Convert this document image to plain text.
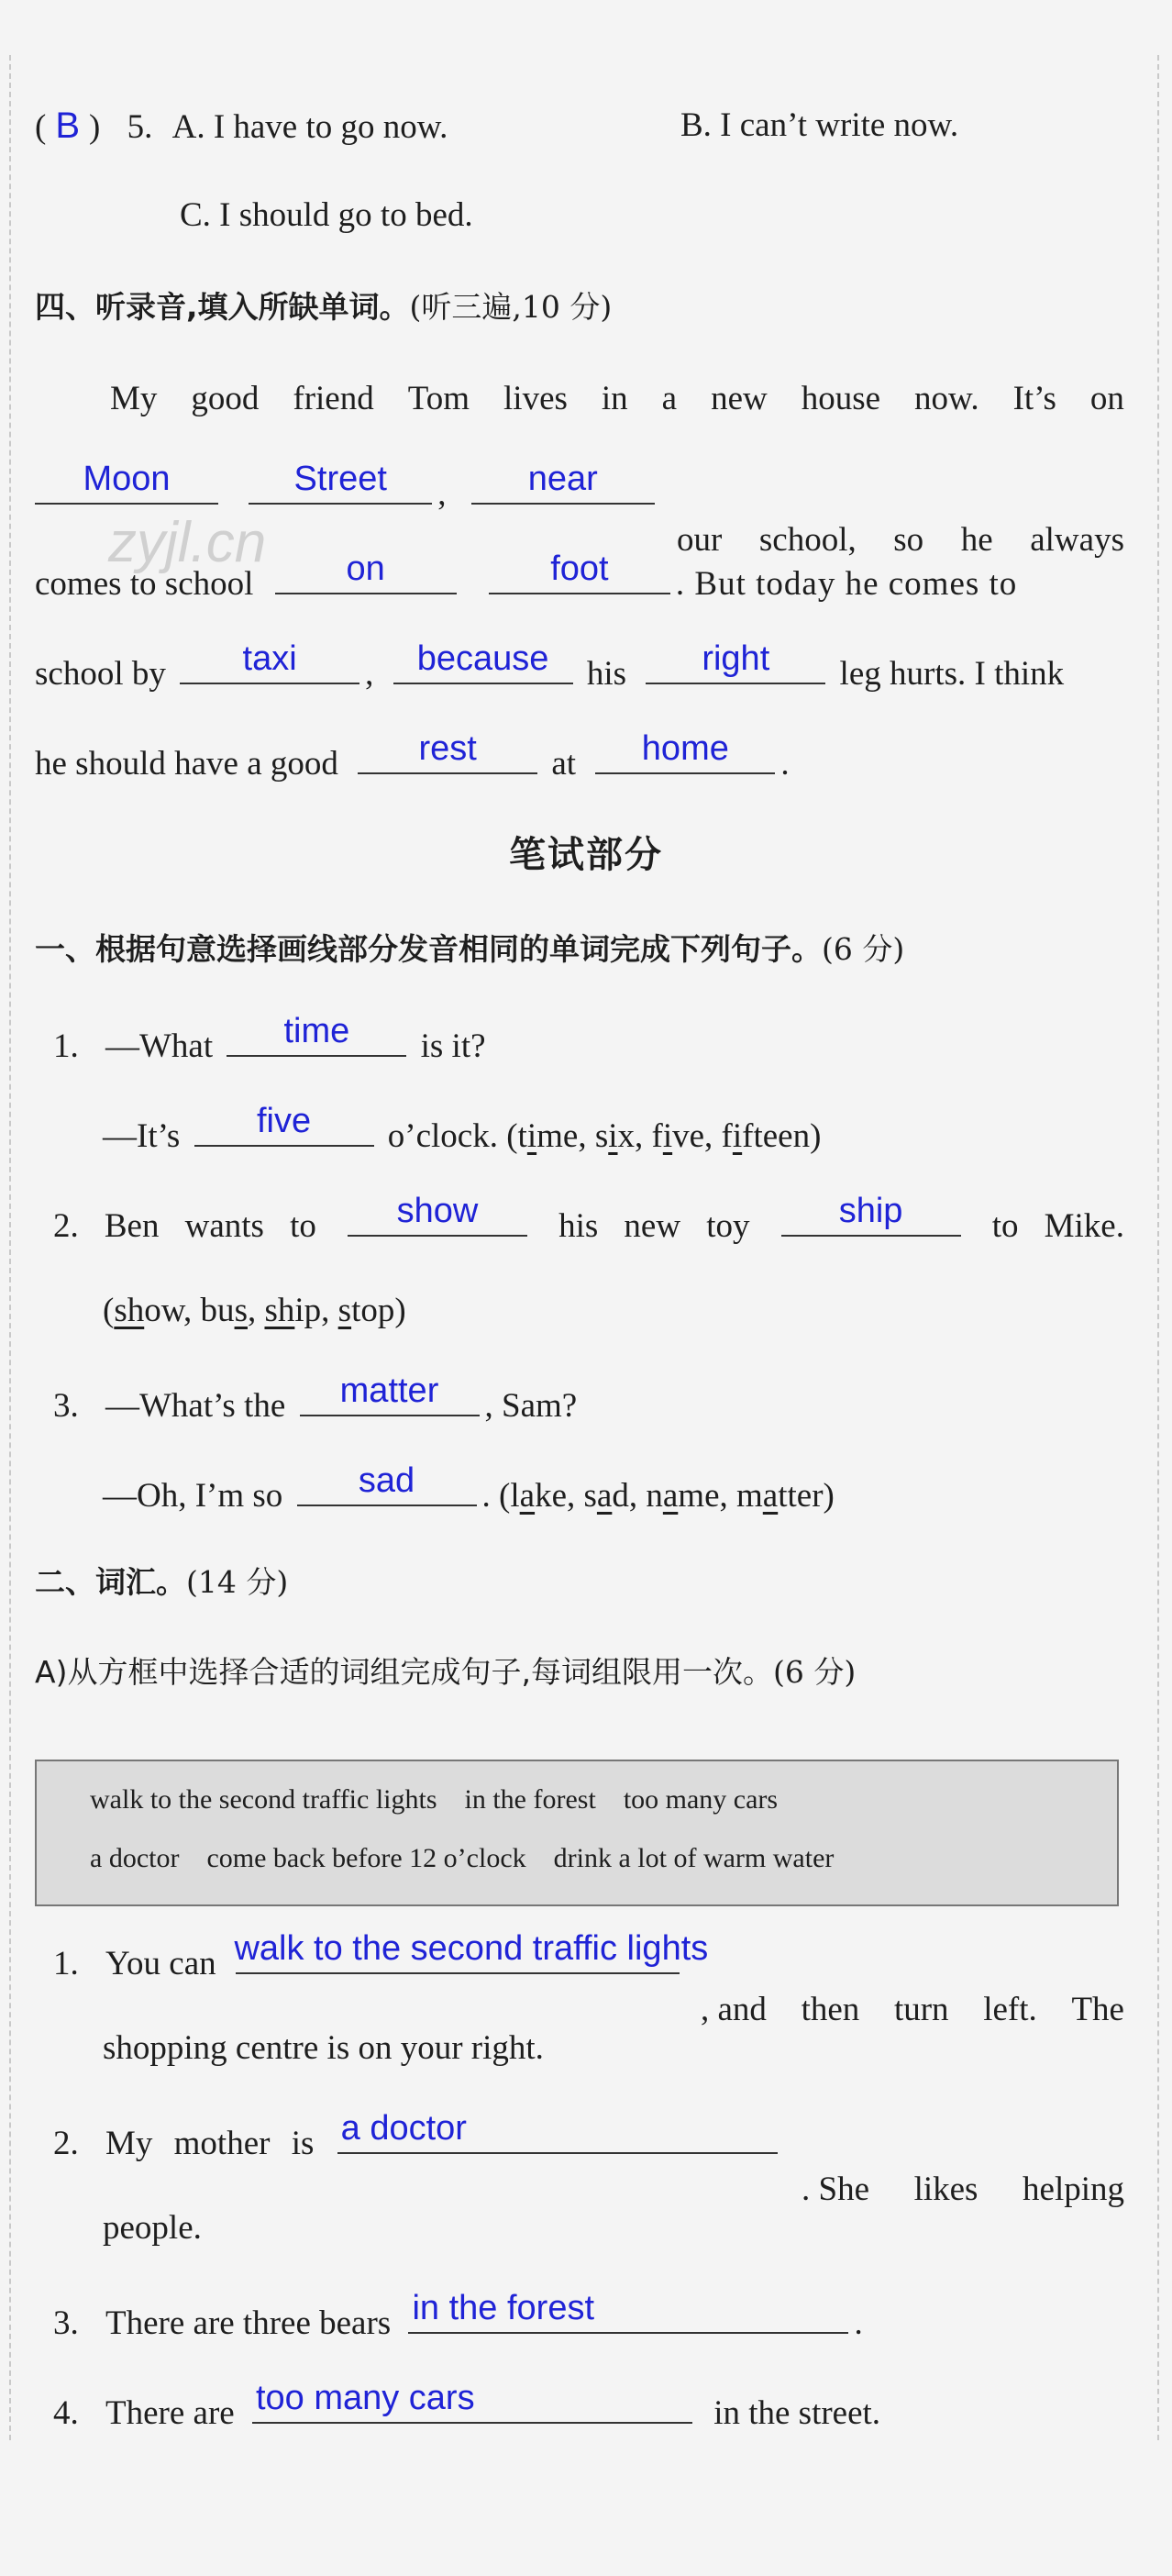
( B ) 5. A. I have to go now.	B. I can’t write now.
C. I should go to bed.
四、听录音,填入所缺单词。(听三遍,10 分)
My good friend Tom lives in a new house now. It’s on
Moon
	Street	,	near
our school, so he always
comes to school	on
	foot	. But today he comes to
school by	taxi	,	because	his	right	leg hurts. I think
he should have a good	rest	at	home	.
zyjl.cn
笔试部分
一、根据句意选择画线部分发音相同的单词完成下列句子。(6 分)
1. —What	time	is it?
—It’s	five	o’clock. (time, six, five, fifteen)
2. Ben wants to	show	his new toy	ship	to Mike.
(show, bus, ship, stop)
3. —What’s the	matter	, Sam?
—Oh, I’m so	sad	. (lake, sad, name, matter)
二、词汇。(14 分)
A)从方框中选择合适的词组完成句子,每词组限用一次。(6 分)
walk to the second traffic lights in the forest too many cars
a doctor come back before 12 o’clock drink a lot of warm water
1. You can walk to the second traffic lights
, and then turn left. The
shopping centre is on your right.
2. My mother is a doctor
. She likes helping
people.
3. There are three bears in the forest	.
4. There are too many cars	in the street.
